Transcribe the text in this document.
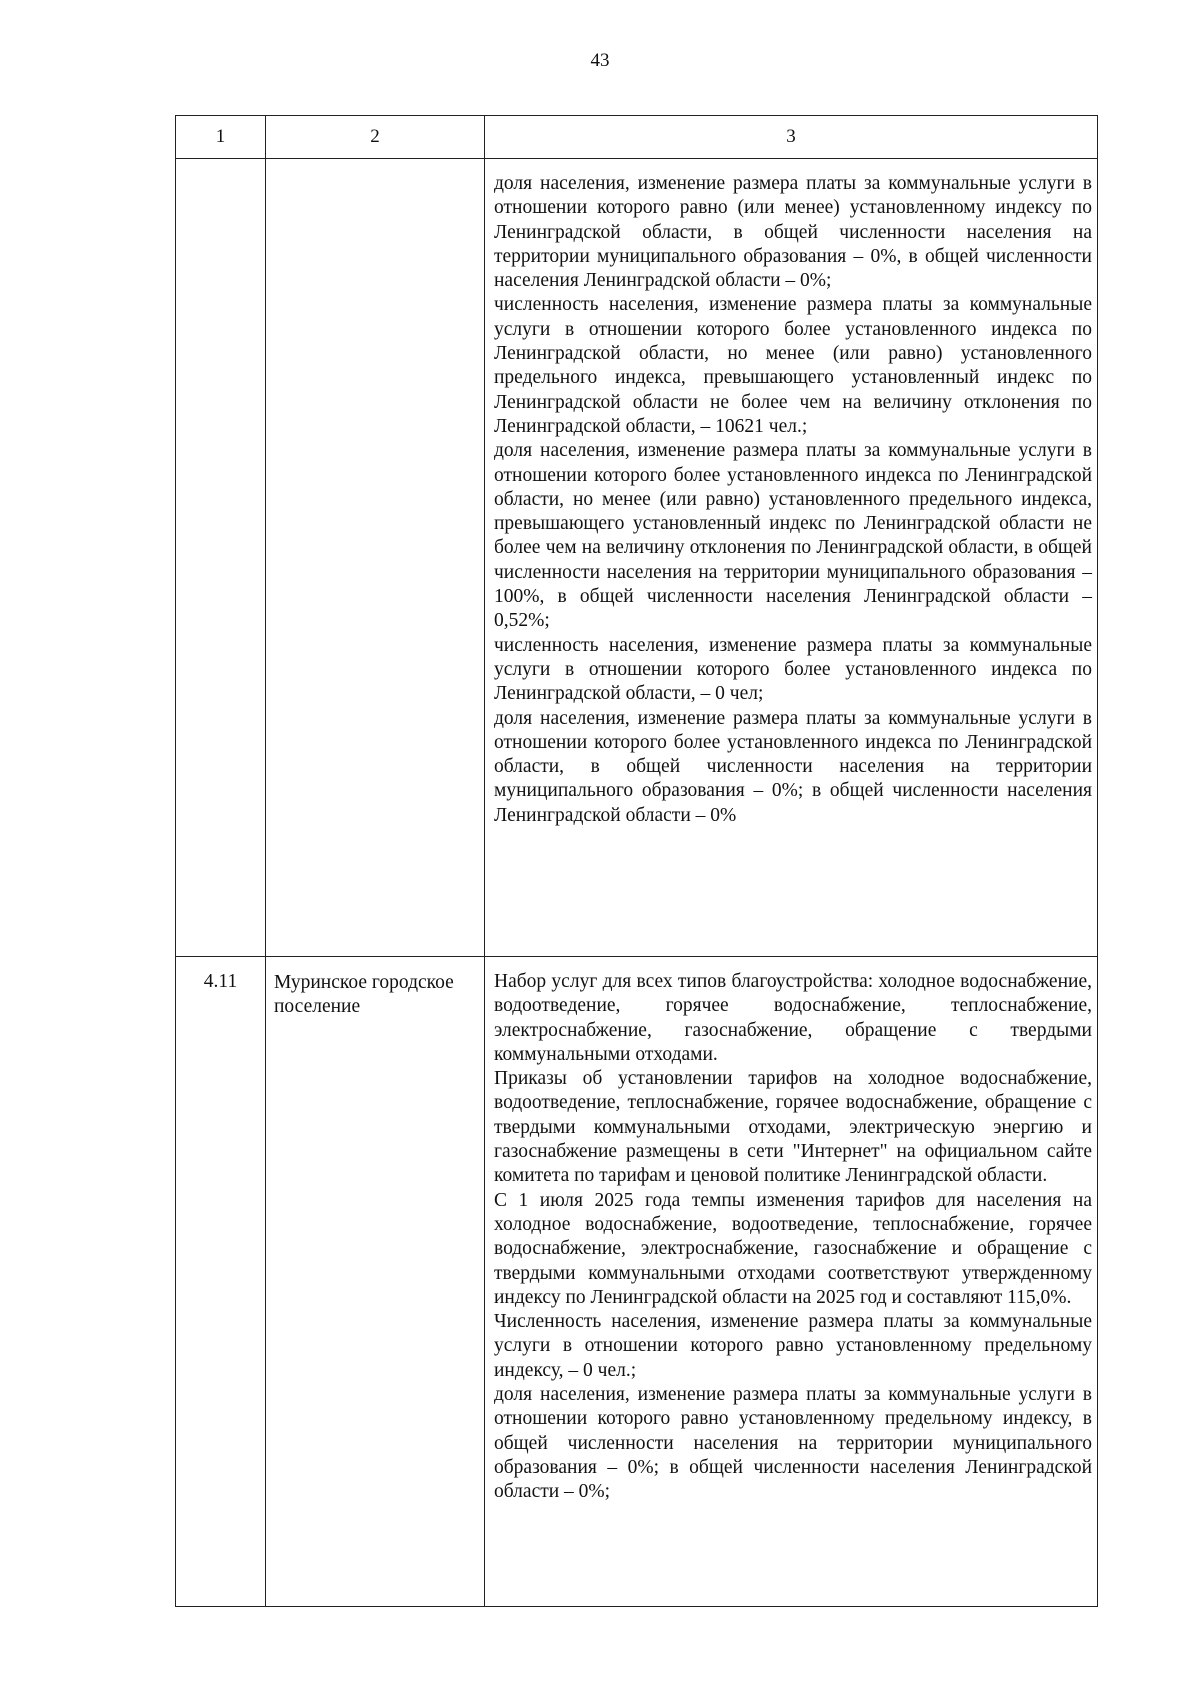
43
1	2	3

		доля населения, изменение размера платы за коммунальные услуги в отношении которого равно (или менее) установленному индексу по Ленинградской области, в общей численности населения на территории муниципального образования – 0%, в общей численности населения Ленинградской области – 0%;

численность населения, изменение размера платы за коммунальные услуги в отношении которого более установленного индекса по Ленинградской области, но менее (или равно) установленного предельного индекса, превышающего установленный индекс по Ленинградской области не более чем на величину отклонения по Ленинградской области, – 10621 чел.;

доля населения, изменение размера платы за коммунальные услуги в отношении которого более установленного индекса по Ленинградской области, но менее (или равно) установленного предельного индекса, превышающего установленный индекс по Ленинградской области не более чем на величину отклонения по Ленинградской области, в общей численности населения на территории муниципального образования – 100%, в общей численности населения Ленинградской области – 0,52%;

численность населения, изменение размера платы за коммунальные услуги в отношении которого более установленного индекса по Ленинградской области, – 0 чел;

доля населения, изменение размера платы за коммунальные услуги в отношении которого более установленного индекса по Ленинградской области, в общей численности населения на территории муниципального образования – 0%; в общей численности населения Ленинградской области – 0%

4.11	Муринское городское поселение	Набор услуг для всех типов благоустройства: холодное водоснабжение, водоотведение, горячее водоснабжение, теплоснабжение, электроснабжение, газоснабжение, обращение с твердыми коммунальными отходами.

Приказы об установлении тарифов на холодное водоснабжение, водоотведение, теплоснабжение, горячее водоснабжение, обращение с твердыми коммунальными отходами, электрическую энергию и газоснабжение размещены в сети "Интернет" на официальном сайте комитета по тарифам и ценовой политике Ленинградской области.

С 1 июля 2025 года темпы изменения тарифов для населения на холодное водоснабжение, водоотведение, теплоснабжение, горячее водоснабжение, электроснабжение, газоснабжение и обращение с твердыми коммунальными отходами соответствуют утвержденному индексу по Ленинградской области на 2025 год и составляют 115,0%.

Численность населения, изменение размера платы за коммунальные услуги в отношении которого равно установленному предельному индексу, – 0 чел.;

доля населения, изменение размера платы за коммунальные услуги в отношении которого равно установленному предельному индексу, в общей численности населения на территории муниципального образования – 0%; в общей численности населения Ленинградской области – 0%;
